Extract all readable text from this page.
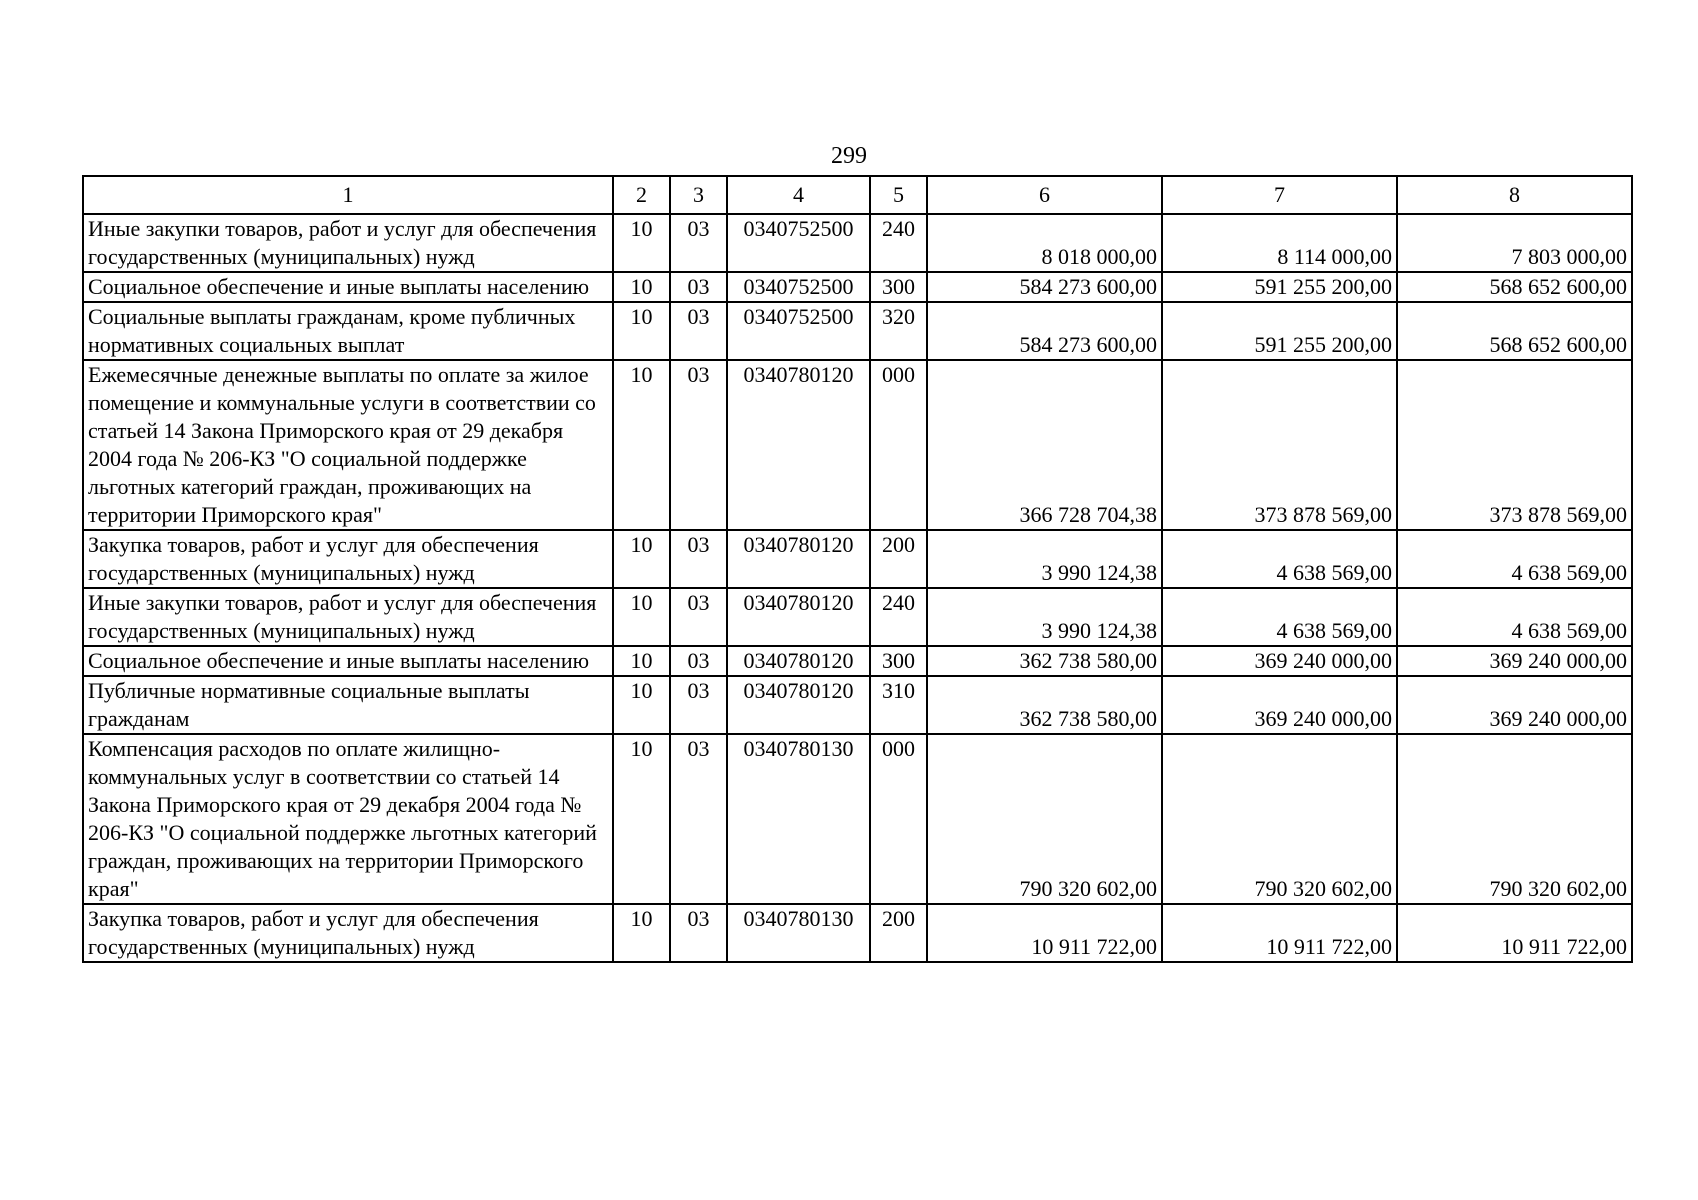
299
1	2	3	4	5	6	7	8
Иные закупки товаров, работ и услуг для обеспечения государственных (муниципальных) нужд	10	03	0340752500	240	8 018 000,00	8 114 000,00	7 803 000,00
Социальное обеспечение и иные выплаты населению	10	03	0340752500	300	584 273 600,00	591 255 200,00	568 652 600,00
Социальные выплаты гражданам, кроме публичных нормативных социальных выплат	10	03	0340752500	320	584 273 600,00	591 255 200,00	568 652 600,00
Ежемесячные денежные выплаты по оплате за жилое помещение и коммунальные услуги в соответствии со статьей 14 Закона Приморского края от 29 декабря 2004 года № 206-КЗ "О социальной поддержке льготных категорий граждан, проживающих на территории Приморского края"	10	03	0340780120	000	366 728 704,38	373 878 569,00	373 878 569,00
Закупка товаров, работ и услуг для обеспечения государственных (муниципальных) нужд	10	03	0340780120	200	3 990 124,38	4 638 569,00	4 638 569,00
Иные закупки товаров, работ и услуг для обеспечения государственных (муниципальных) нужд	10	03	0340780120	240	3 990 124,38	4 638 569,00	4 638 569,00
Социальное обеспечение и иные выплаты населению	10	03	0340780120	300	362 738 580,00	369 240 000,00	369 240 000,00
Публичные нормативные социальные выплаты гражданам	10	03	0340780120	310	362 738 580,00	369 240 000,00	369 240 000,00
Компенсация расходов по оплате жилищно-коммунальных услуг в соответствии со статьей 14 Закона Приморского края от 29 декабря 2004 года № 206-КЗ "О социальной поддержке льготных категорий граждан, проживающих на территории Приморского края"	10	03	0340780130	000	790 320 602,00	790 320 602,00	790 320 602,00
Закупка товаров, работ и услуг для обеспечения государственных (муниципальных) нужд	10	03	0340780130	200	10 911 722,00	10 911 722,00	10 911 722,00
